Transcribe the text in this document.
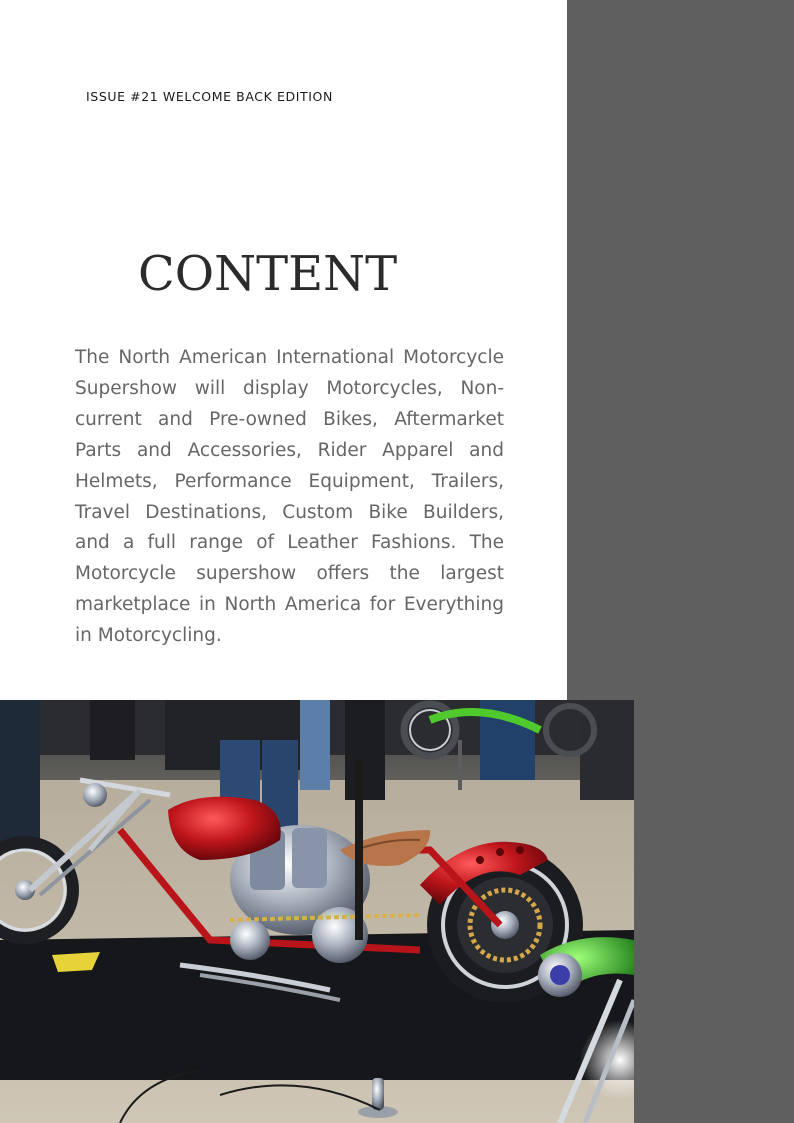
ISSUE #21 WELCOME BACK EDITION
CONTENT

The North American International Motorcycle Supershow will display Motorcycles, Non-current and Pre-owned Bikes, Aftermarket Parts and Accessories, Rider Apparel and Helmets, Performance Equipment, Trailers, Travel Destinations, Custom Bike Builders, and a full range of Leather Fashions. The Motorcycle supershow offers the largest marketplace in North America for Everything in Motorcycling.
